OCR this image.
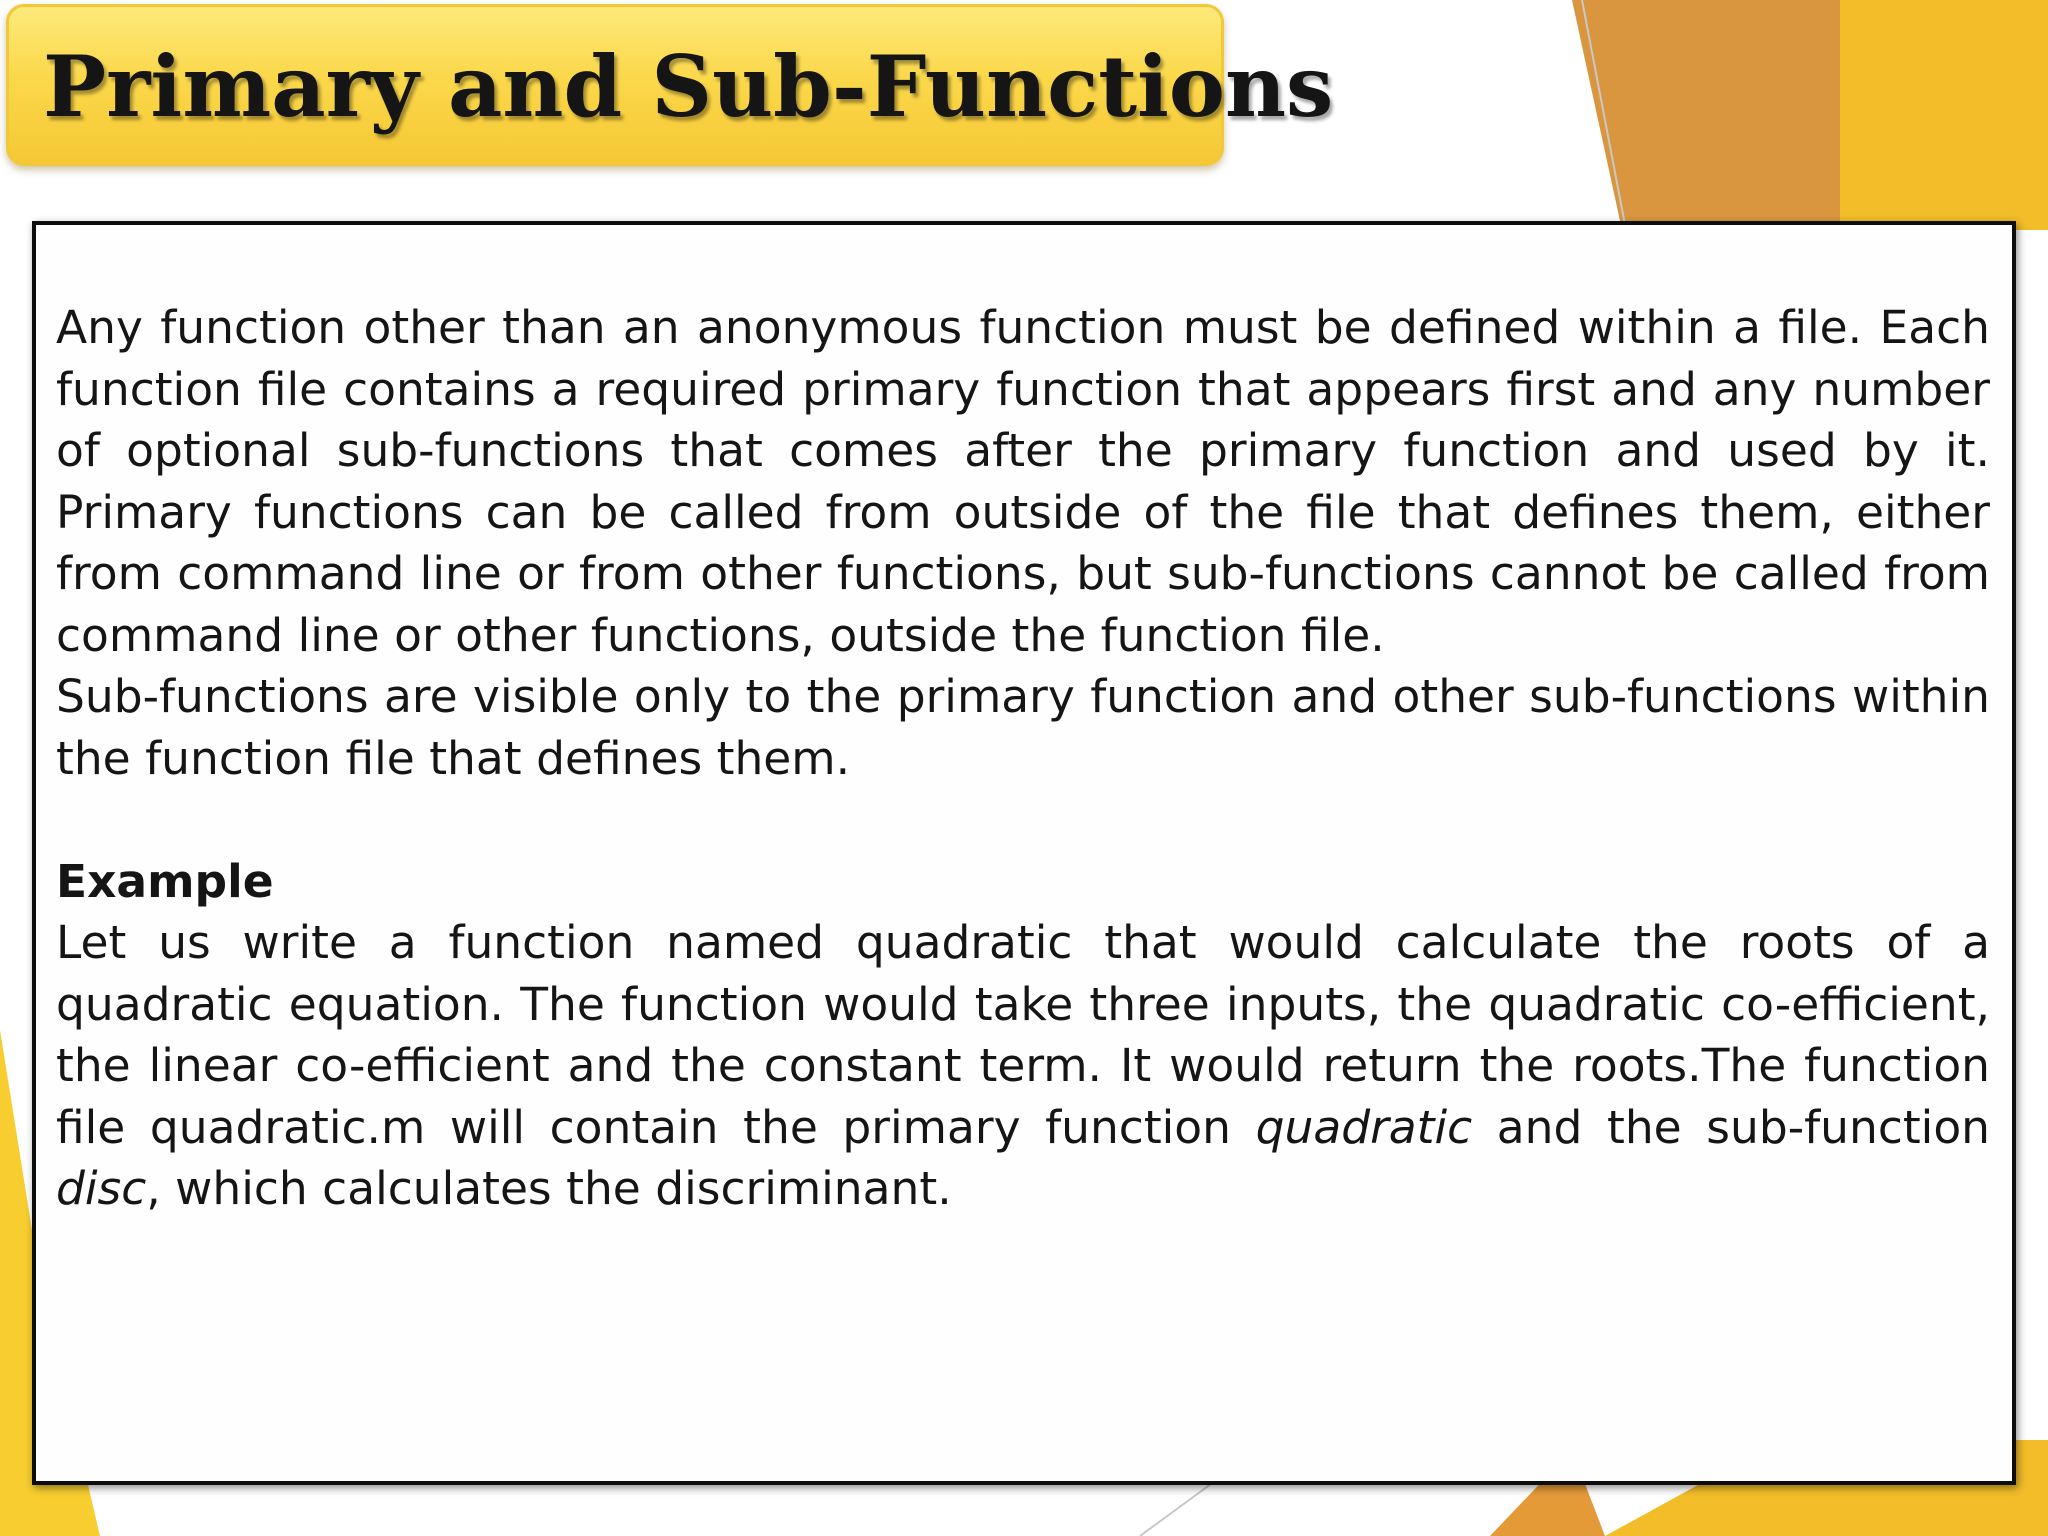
Primary and Sub-Functions

Any function other than an anonymous function must be defined within a file. Each function file contains a required primary function that appears first and any number of optional sub-functions that comes after the primary function and used by it. Primary functions can be called from outside of the file that defines them, either from command line or from other functions, but sub-functions cannot be called from command line or other functions, outside the function file.

Sub-functions are visible only to the primary function and other sub-functions within the function file that defines them.

Example

Let us write a function named quadratic that would calculate the roots of a quadratic equation. The function would take three inputs, the quadratic co-efficient, the linear co-efficient and the constant term. It would return the roots.The function file quadratic.m will contain the primary function quadratic and the sub-function disc, which calculates the discriminant.
